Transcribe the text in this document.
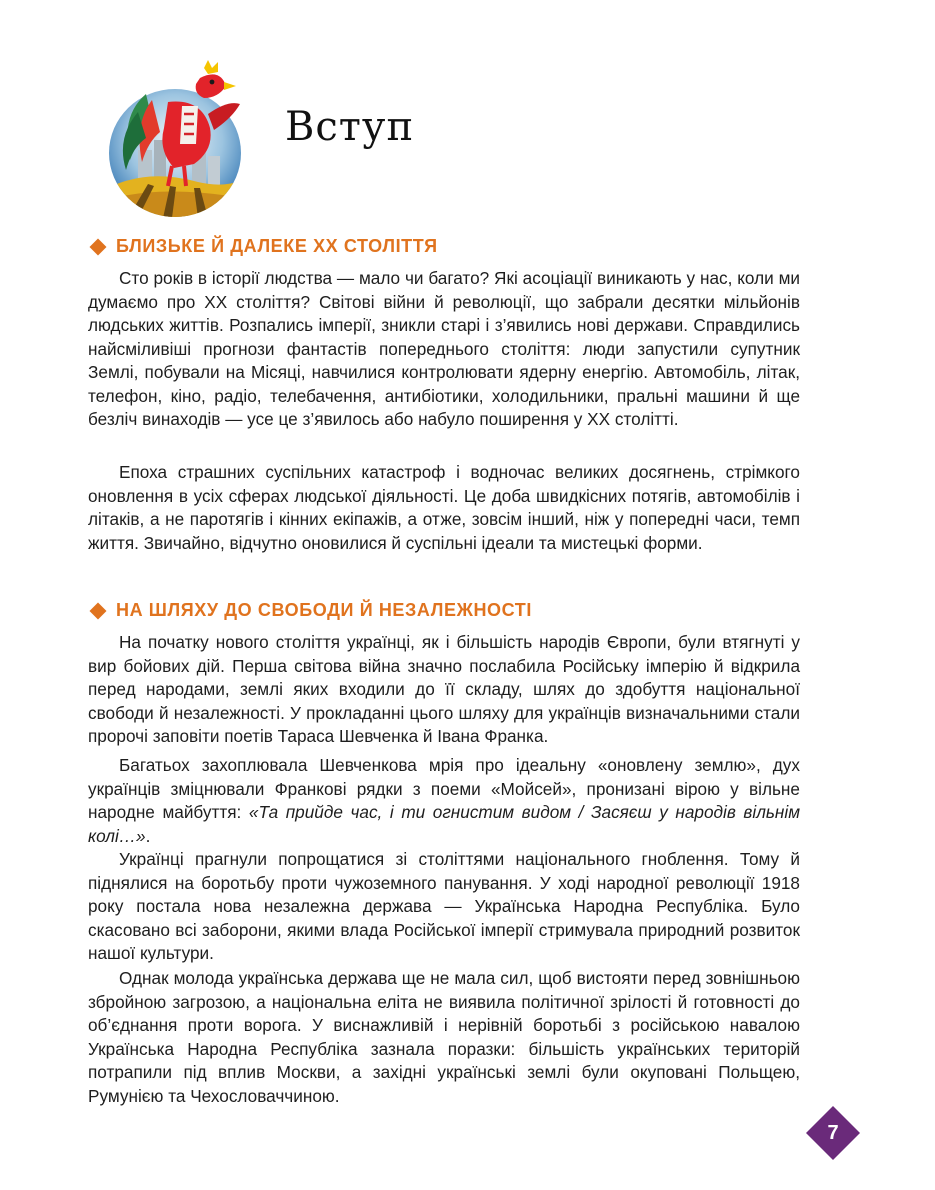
Вступ
БЛИЗЬКЕ Й ДАЛЕКЕ ХХ СТОЛІТТЯ

Сто років в історії людства — мало чи багато? Які асоціації виникають у нас, коли ми думаємо про ХХ століття? Світові війни й революції, що забрали десятки мільйонів людських життів. Розпались імперії, зникли старі і з’явились нові держави. Справдились найсміливіші прогнози фантастів попереднього століття: люди запустили супутник Землі, побували на Місяці, навчилися контролювати ядерну енергію. Автомобіль, літак, телефон, кіно, радіо, телебачення, антибіотики, холодильники, пральні машини й ще безліч винаходів — усе це з’явилось або набуло поширення у ХХ столітті.

Епоха страшних суспільних катастроф і водночас великих досягнень, стрімкого оновлення в усіх сферах людської діяльності. Це доба швидкісних потягів, автомобілів і літаків, а не паротягів і кінних екіпажів, а отже, зовсім інший, ніж у попередні часи, темп життя. Звичайно, відчутно оновилися й суспільні ідеали та мистецькі форми.

НА ШЛЯХУ ДО СВОБОДИ Й НЕЗАЛЕЖНОСТІ

На початку нового століття українці, як і більшість народів Європи, були втягнуті у вир бойових дій. Перша світова війна значно послабила Російську імперію й відкрила перед народами, землі яких входили до її складу, шлях до здобуття національної свободи й незалежності. У прокладанні цього шляху для українців визначальними стали пророчі заповіти поетів Тараса Шевченка й Івана Франка.

Багатьох захоплювала Шевченкова мрія про ідеальну «оновлену землю», дух українців зміцнювали Франкові рядки з поеми «Мойсей», пронизані вірою у вільне народне майбуття: «Та прийде час, і ти огнистим видом / Засяєш у народів вільнім колі…».

Українці прагнули попрощатися зі століттями національного гноблення. Тому й піднялися на боротьбу проти чужоземного панування. У ході народної революції 1918 року постала нова незалежна держава — Українська Народна Республіка. Було скасовано всі заборони, якими влада Російської імперії стримувала природний розвиток нашої культури.

Однак молода українська держава ще не мала сил, щоб вистояти перед зовнішньою збройною загрозою, а національна еліта не виявила політичної зрілості й готовності до об’єднання проти ворога. У виснажливій і нерівній боротьбі з російською навалою Українська Народна Республіка зазнала поразки: більшість українських територій потрапили під вплив Москви, а західні українські землі були окуповані Польщею, Румунією та Чехословаччиною.

7
